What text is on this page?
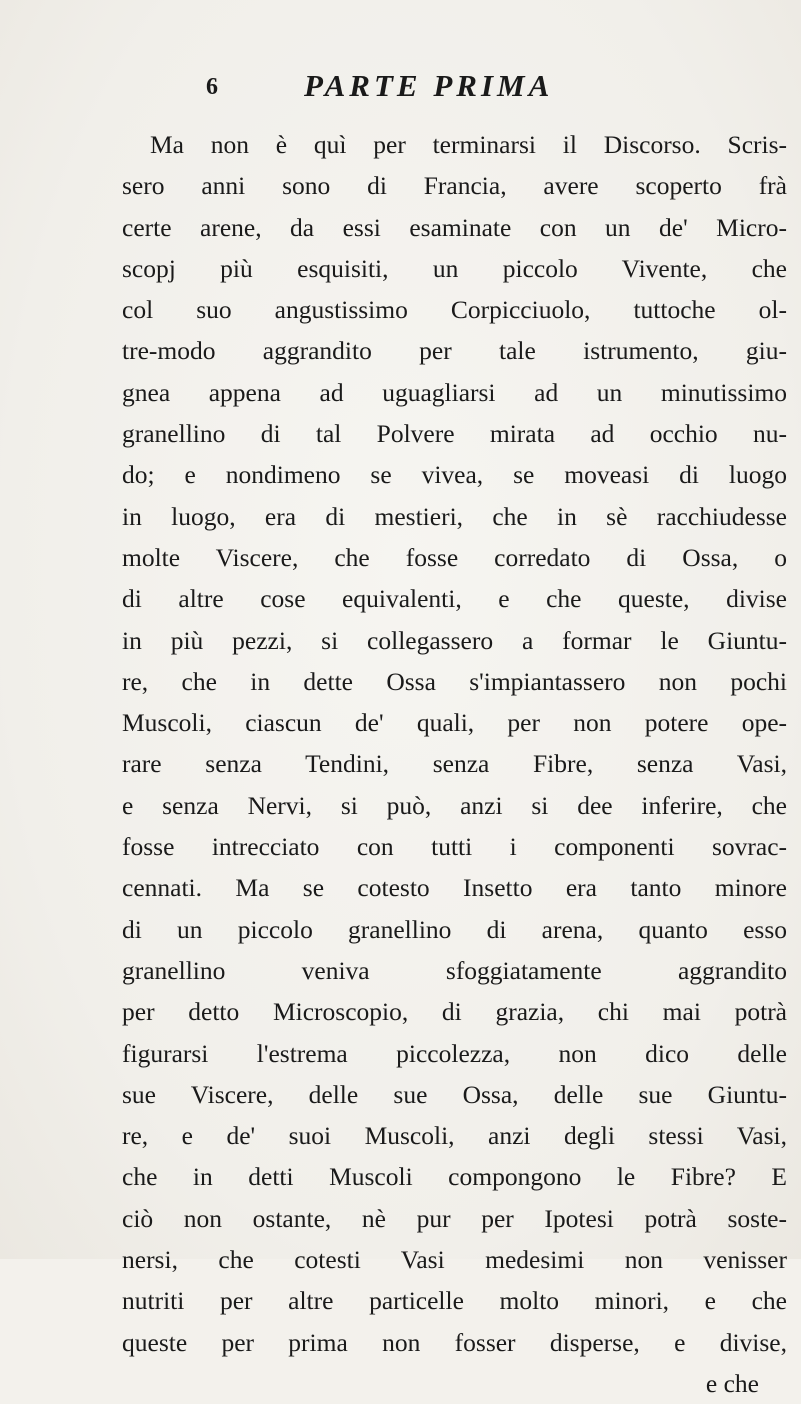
6	PARTE PRIMA
Ma non è quì per terminarsi il Discorso. Scris-
sero anni sono di Francia, avere scoperto frà
certe arene, da essi esaminate con un de' Micro-
scopj più esquisiti, un piccolo Vivente, che
col suo angustissimo Corpicciuolo, tuttoche ol-
tre-modo aggrandito per tale istrumento, giu-
gnea appena ad uguagliarsi ad un minutissimo
granellino di tal Polvere mirata ad occhio nu-
do; e nondimeno se vivea, se moveasi di luogo
in luogo, era di mestieri, che in sè racchiudesse
molte Viscere, che fosse corredato di Ossa, o
di altre cose equivalenti, e che queste, divise
in più pezzi, si collegassero a formar le Giuntu-
re, che in dette Ossa s'impiantassero non pochi
Muscoli, ciascun de' quali, per non potere ope-
rare senza Tendini, senza Fibre, senza Vasi,
e senza Nervi, si può, anzi si dee inferire, che
fosse intrecciato con tutti i componenti sovrac-
cennati. Ma se cotesto Insetto era tanto minore
di un piccolo granellino di arena, quanto esso
granellino veniva sfoggiatamente aggrandito
per detto Microscopio, di grazia, chi mai potrà
figurarsi l'estrema piccolezza, non dico delle
sue Viscere, delle sue Ossa, delle sue Giuntu-
re, e de' suoi Muscoli, anzi degli stessi Vasi,
che in detti Muscoli compongono le Fibre? E
ciò non ostante, nè pur per Ipotesi potrà soste-
nersi, che cotesti Vasi medesimi non venisser
nutriti per altre particelle molto minori, e che
queste per prima non fosser disperse, e divise,
e che
